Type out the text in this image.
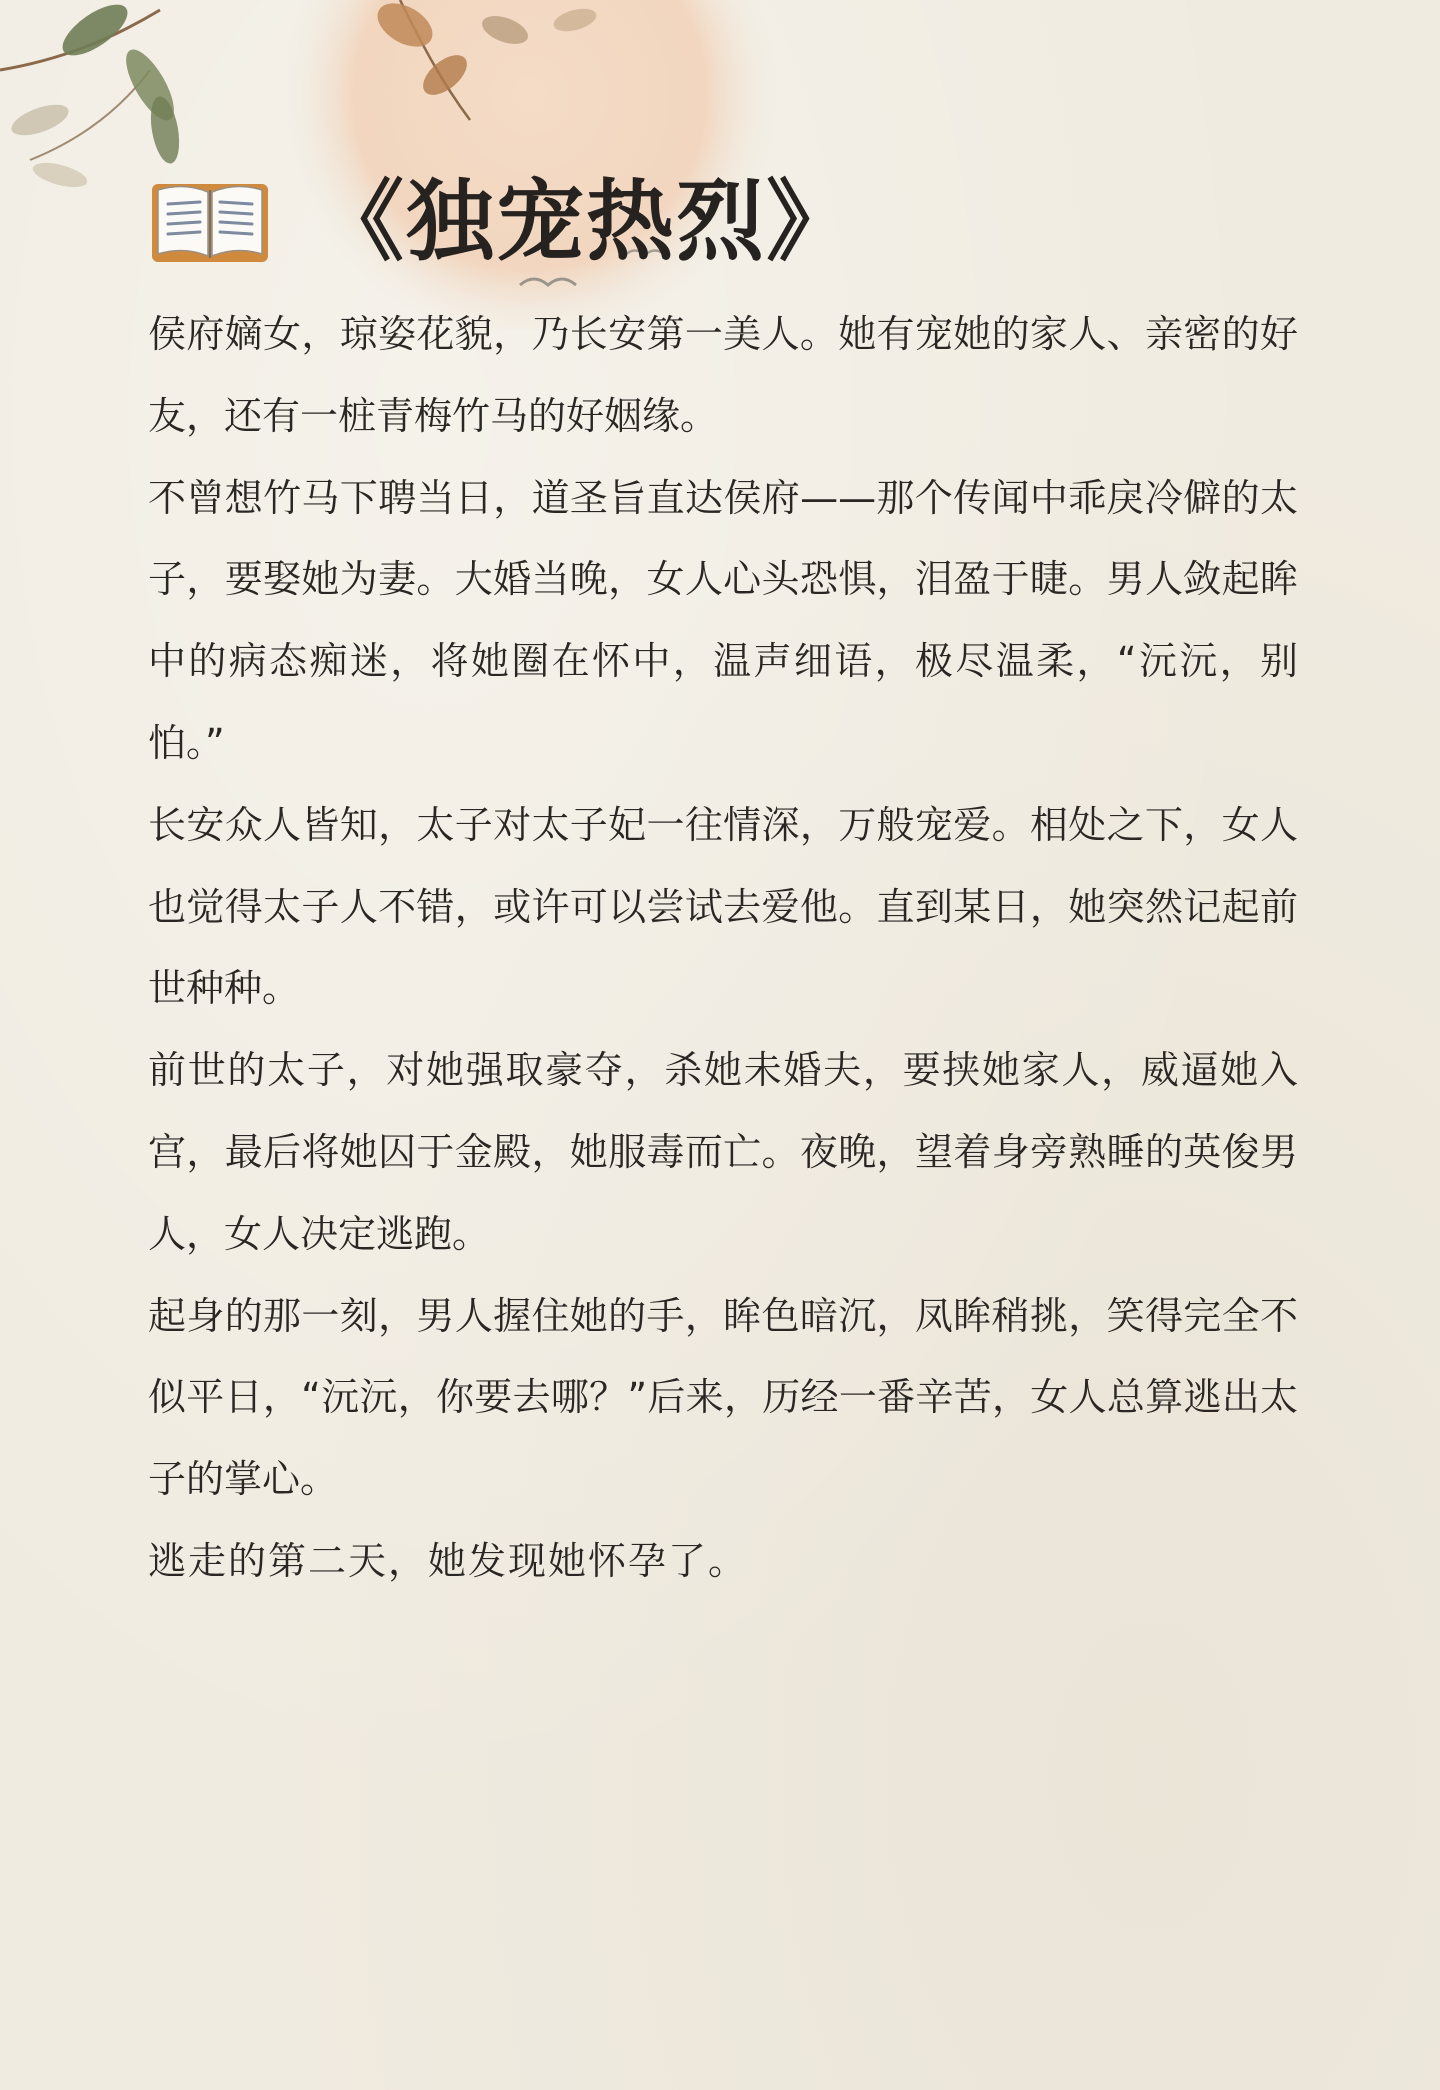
《独宠热烈》

侯府嫡女，琼姿花貌，乃长安第一美人。她有宠她的家人、亲密的好友，还有一桩青梅竹马的好姻缘。

不曾想竹马下聘当日，道圣旨直达侯府——那个传闻中乖戾冷僻的太子，要娶她为妻。大婚当晚，女人心头恐惧，泪盈于睫。男人敛起眸中的病态痴迷，将她圈在怀中，温声细语，极尽温柔，“沅沅，别怕。”

长安众人皆知，太子对太子妃一往情深，万般宠爱。相处之下，女人也觉得太子人不错，或许可以尝试去爱他。直到某日，她突然记起前世种种。

前世的太子，对她强取豪夺，杀她未婚夫，要挟她家人，威逼她入宫，最后将她囚于金殿，她服毒而亡。夜晚，望着身旁熟睡的英俊男人，女人决定逃跑。

起身的那一刻，男人握住她的手，眸色暗沉，凤眸稍挑，笑得完全不似平日，“沅沅，你要去哪？”后来，历经一番辛苦，女人总算逃出太子的掌心。

逃走的第二天，她发现她怀孕了。
